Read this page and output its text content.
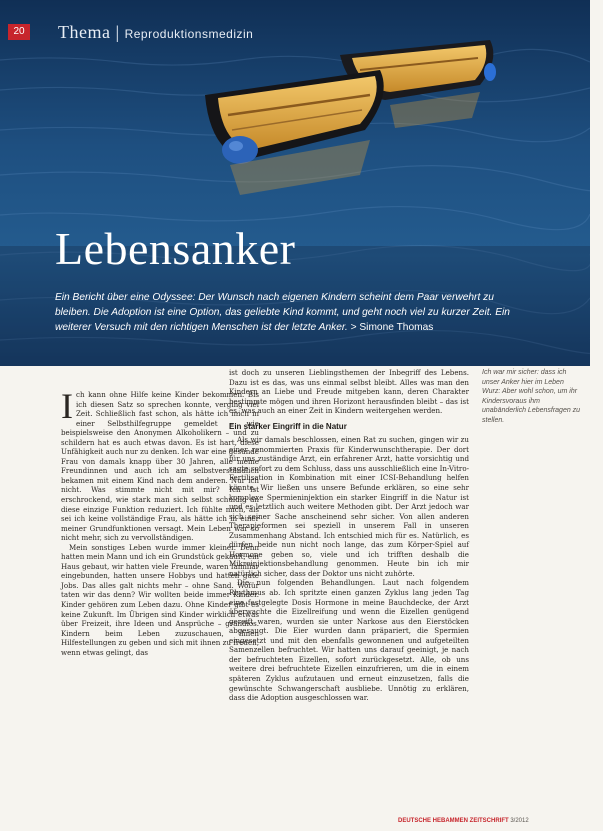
20	Thema | Reproduktionsmedizin
Lebensanker
Ein Bericht über eine Odyssee: Der Wunsch nach eigenen Kindern scheint dem Paar verwehrt zu bleiben. Die Adoption ist eine Option, das geliebte Kind kommt, und geht noch viel zu kurzer Zeit. Ein weiterer Versuch mit den richtigen Menschen ist der letzte Anker. > Simone Thomas
Ich war mir sicher: dass ich unser Anker hier im Leben Wurz: Aber wohl schon, um ihr Kindersvoraus ihm unabänderlich Lebensfragen zu stellen.
I ch kann ohne Hilfe keine Kinder bekommen. Bis ich diesen Satz so sprechen konnte, verging viel Zeit. Schließlich fast schon, als hätte ich mich in einer Selbsthilfegruppe gemeldet – wie beispielsweise den Anonymen Alkoholikern – und zu schildern hat es auch etwas davon. Es ist hart, diese Unfähigkeit auch nur zu denken. Ich war eine gesunde Frau von damals knapp über 30 Jahren, alle meine Freundinnen und auch ich am selbstverständlich bekamen mit einem Kind nach dem anderen. Nur ich nicht. Was stimmte nicht mit mir? Ich ist erschrockend, wie stark man sich selbst schuldig an diese einzige Funktion reduziert. Ich fühlte mich, als sei ich keine vollständige Frau, als hätte ich in einer meiner Grundfunktionen versagt. Mein Leben war so nicht mehr, sich zu vervollständigen.

Mein sonstiges Leben wurde immer kleiner. Denn hatten mein Mann und ich ein Grundstück gekauft, ein Haus gebaut, wir hatten viele Freunde, waren familiär eingebunden, hatten unsere Hobbys und hatten gute Jobs. Das alles galt nichts mehr – ohne Sand. Wofür taten wir das denn? Wir wollten beide immer Kinder. Kinder gehören zum Leben dazu. Ohne Kinder gibt es keine Zukunft. Im Übrigen sind Kinder wirklich etwas über Freizeit, ihre Ideen und Ansprüche – grandios. Kindern beim Leben zuzuschauen, ihnen Hilfestellungen zu geben und sich mit ihnen zu freuen, wenn etwas gelingt, das

ist doch zu unseren Lieblingsthemen der Inbegriff des Lebens. Dazu ist es das, was uns einmal selbst bleibt. Alles was man den Kindern an Liebe und Freude mitgeben kann, deren Charakter bestimmte mögen und ihren Horizont herausfinden bleibt – das ist es, was auch an einer Zeit in Kindern weitergehen werden.

Ein starker Eingriff in die Natur

Als wir damals beschlossen, einen Rat zu suchen, gingen wir zu einer renommierten Praxis für Kinderwunschtherapie. Der dort für uns zuständige Arzt, ein erfahrener Arzt, hatte vorsichtig und sagte sofort zu dem Schluss, dass uns ausschließlich eine In-Vitro-Fertilisation in Kombination mit einer ICSI-Behandlung helfen könnte. Wir ließen uns unsere Befunde erklären, so eine sehr komplexe Spermieninjektion ein starker Eingriff in die Natur ist und es letztlich auch weitere Methoden gibt. Der Arzt jedoch war sich seiner Sache anscheinend sehr sicher. Von allen anderen Therapieformen sei speziell in unserem Fall in unseren Zusammenhang Abstand. Ich entschied mich für es. Natürlich, es dürfen beide nun nicht noch lange, das zum Körper-Spiel auf Hormone geben so, viele und ich trifften deshalb die Mikroinjektionsbehandlung genommen. Heute bin ich mir natürlich sicher, dass der Doktor uns nicht zuhörte.

Die nun folgenden Behandlungen. Laut nach folgendem Rhythmus ab. Ich spritzte einen ganzen Zyklus lang jeden Tag eine festgelegte Dosis Hormone in meine Bauchdecke, der Arzt überwachte die Eizellreifung und wenn die Eizellen genügend gereift waren, wurden sie unter Narkose aus den Eierstöcken abgesaugt. Die Eier wurden dann präpariert, die Spermien eingesetzt und mit den ebenfalls gewonnenen und aufgeteilten Samenzellen befruchtet. Wir hatten uns darauf geeinigt, je nach der befruchteten Eizellen, sofort zurückgesetzt. Alle, ob uns weitere drei befruchtete Eizellen einzufrieren, um die in einem späteren Zyklus aufzutauen und erneut einzusetzen, falls die gewünschte Schwangerschaft ausbliebe. Unnötig zu erklären, dass die Adoption ausgeschlossen war.

DEUTSCHE HEBAMMEN ZEITSCHRIFT 3/2012
